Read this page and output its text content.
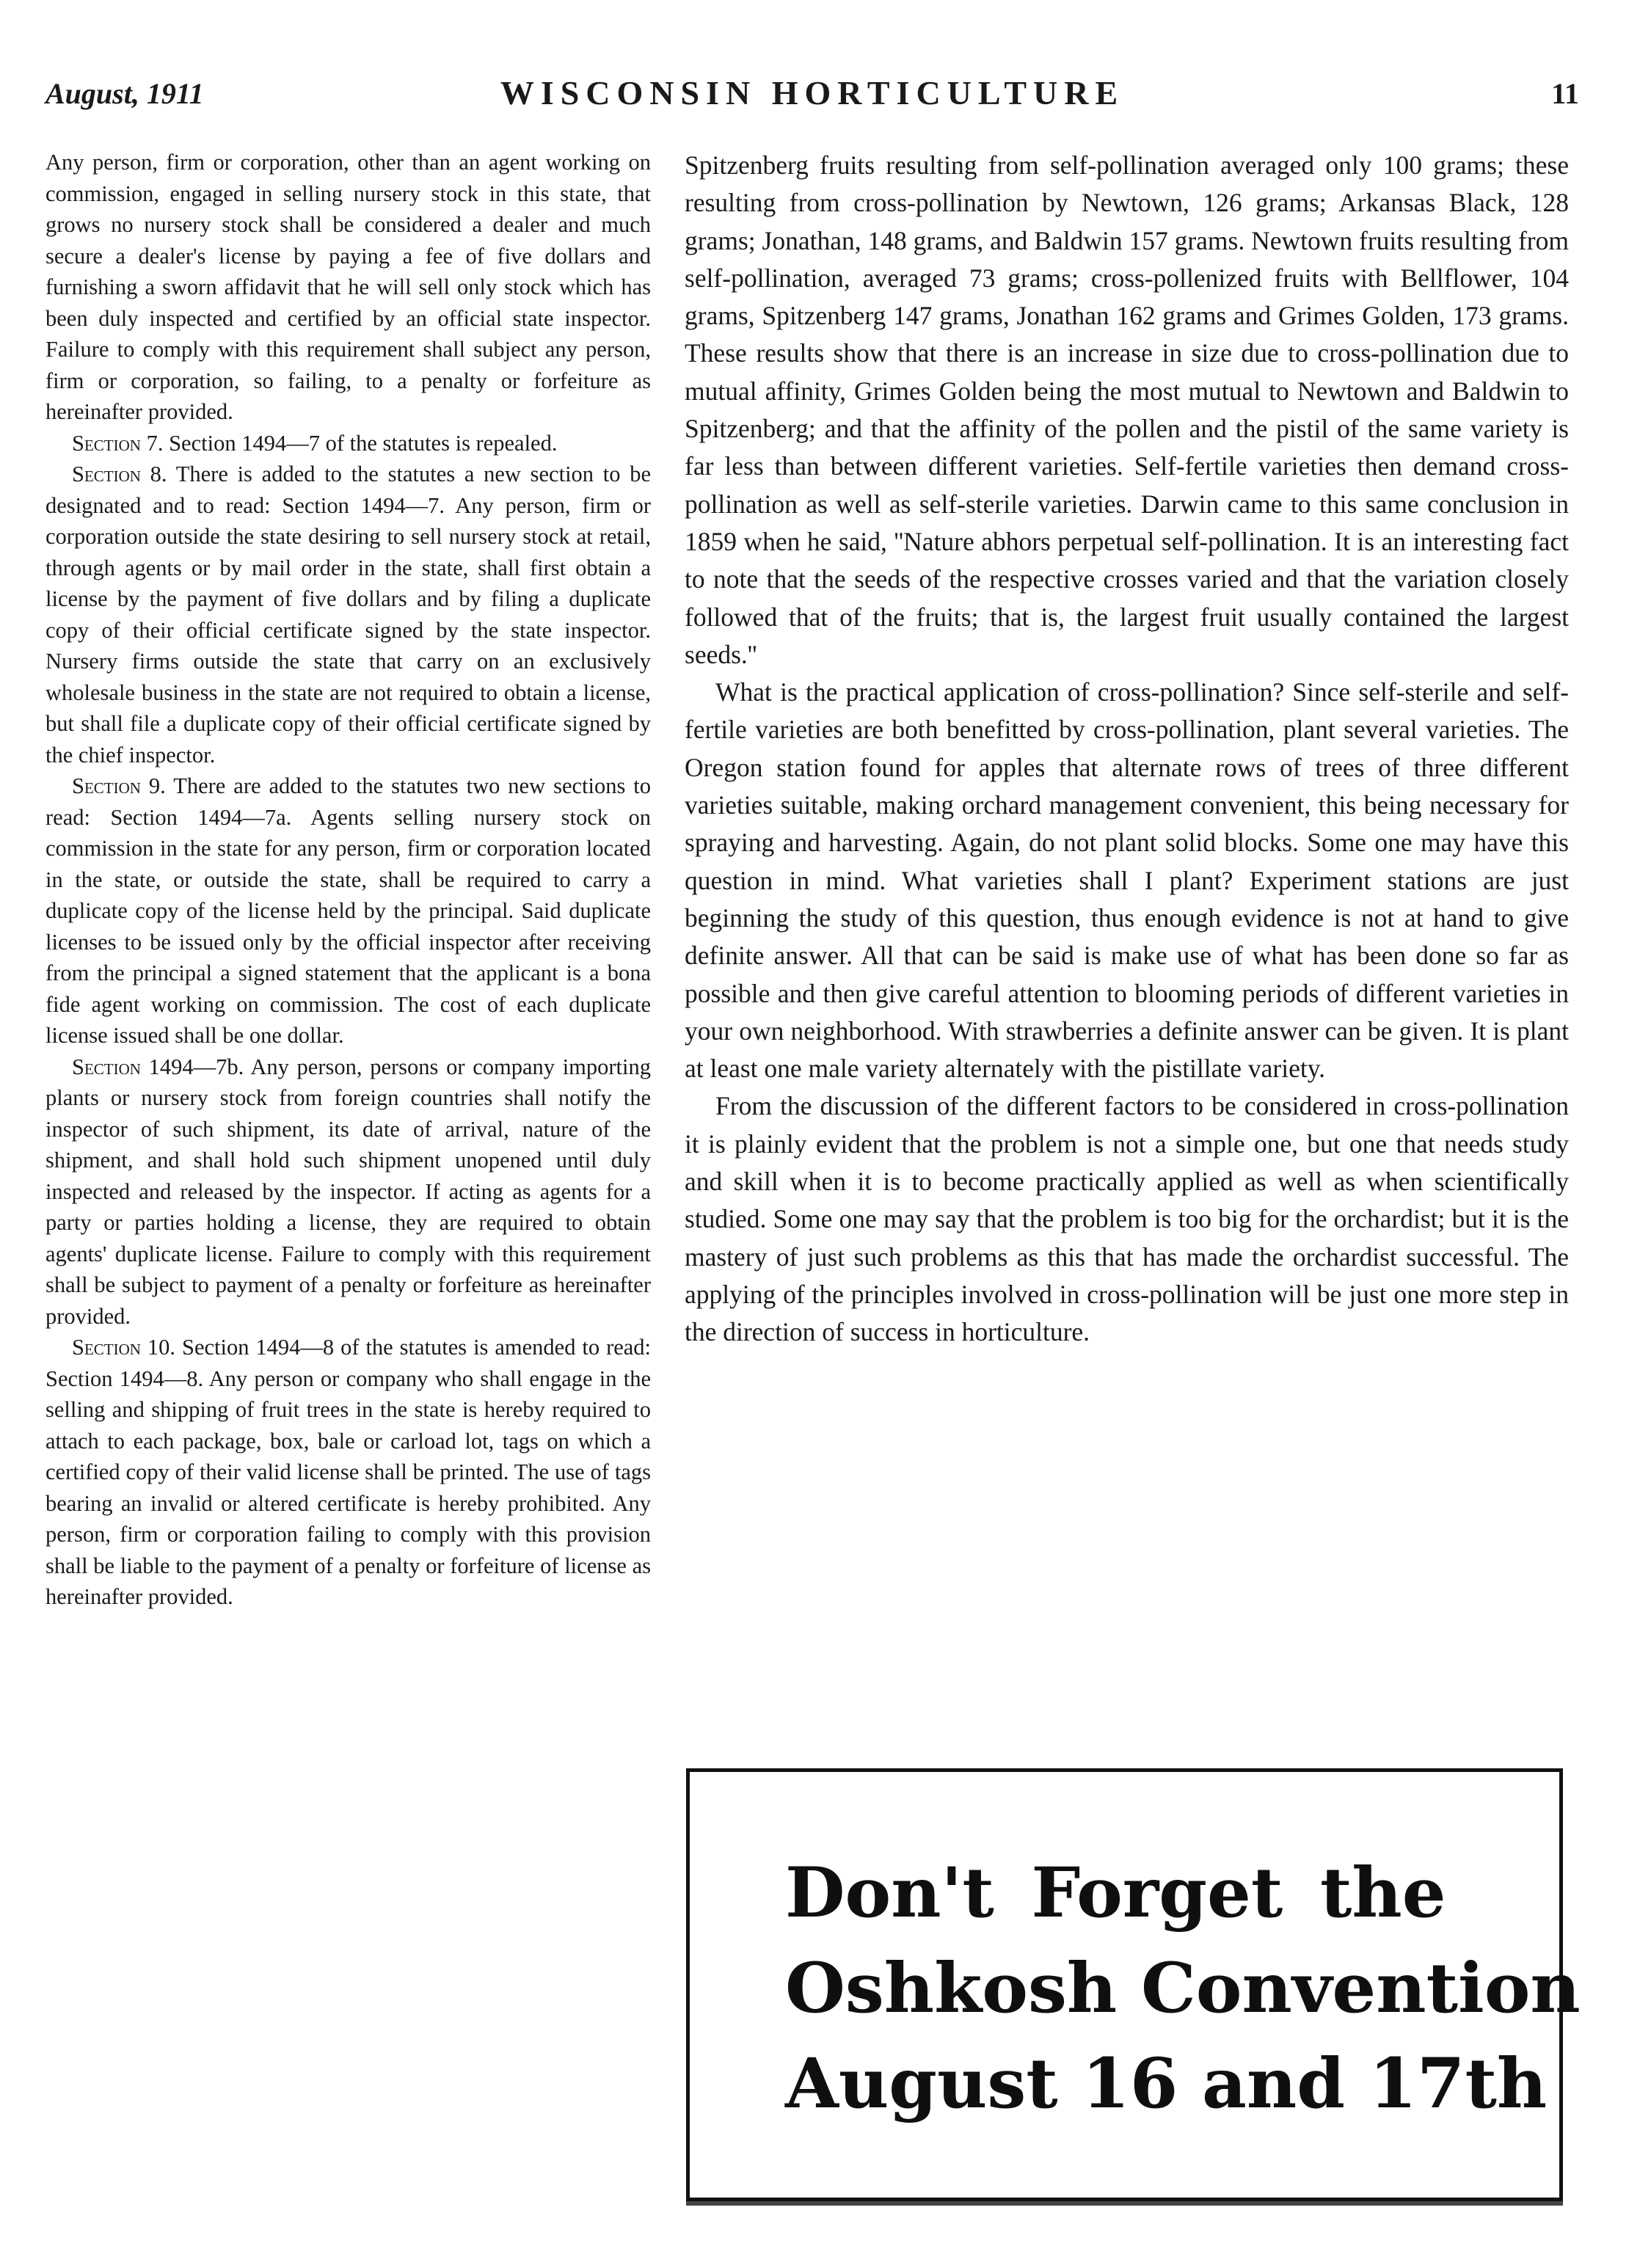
August, 1911	WISCONSIN HORTICULTURE	11

Any person, firm or corporation, other than an agent working on commission, engaged in selling nursery stock in this state, that grows no nursery stock shall be considered a dealer and much secure a dealer's license by paying a fee of five dollars and furnishing a sworn affidavit that he will sell only stock which has been duly inspected and certified by an official state inspector. Failure to comply with this requirement shall subject any person, firm or corporation, so failing, to a penalty or forfeiture as hereinafter provided.

Section 7. Section 1494—7 of the statutes is repealed.

Section 8. There is added to the statutes a new section to be designated and to read: Section 1494—7. Any person, firm or corporation outside the state desiring to sell nursery stock at retail, through agents or by mail order in the state, shall first obtain a license by the payment of five dollars and by filing a duplicate copy of their official certificate signed by the state inspector. Nursery firms outside the state that carry on an exclusively wholesale business in the state are not required to obtain a license, but shall file a duplicate copy of their official certificate signed by the chief inspector.

Section 9. There are added to the statutes two new sections to read: Section 1494—7a. Agents selling nursery stock on commission in the state for any person, firm or corporation located in the state, or outside the state, shall be required to carry a duplicate copy of the license held by the principal. Said duplicate licenses to be issued only by the official inspector after receiving from the principal a signed statement that the applicant is a bona fide agent working on commission. The cost of each duplicate license issued shall be one dollar.

Section 1494—7b. Any person, persons or company importing plants or nursery stock from foreign countries shall notify the inspector of such shipment, its date of arrival, nature of the shipment, and shall hold such shipment unopened until duly inspected and released by the inspector. If acting as agents for a party or parties holding a license, they are required to obtain agents' duplicate license. Failure to comply with this requirement shall be subject to payment of a penalty or forfeiture as hereinafter provided.

Section 10. Section 1494—8 of the statutes is amended to read: Section 1494—8. Any person or company who shall engage in the selling and shipping of fruit trees in the state is hereby required to attach to each package, box, bale or carload lot, tags on which a certified copy of their valid license shall be printed. The use of tags bearing an invalid or altered certificate is hereby prohibited. Any person, firm or corporation failing to comply with this provision shall be liable to the payment of a penalty or forfeiture of license as hereinafter provided.

Spitzenberg fruits resulting from self-pollination averaged only 100 grams; these resulting from cross-pollination by Newtown, 126 grams; Arkansas Black, 128 grams; Jonathan, 148 grams, and Baldwin 157 grams. Newtown fruits resulting from self-pollination, averaged 73 grams; cross-pollenized fruits with Bellflower, 104 grams, Spitzenberg 147 grams, Jonathan 162 grams and Grimes Golden, 173 grams. These results show that there is an increase in size due to cross-pollination due to mutual affinity, Grimes Golden being the most mutual to Newtown and Baldwin to Spitzenberg; and that the affinity of the pollen and the pistil of the same variety is far less than between different varieties. Self-fertile varieties then demand cross-pollination as well as self-sterile varieties. Darwin came to this same conclusion in 1859 when he said, ''Nature abhors perpetual self-pollination. It is an interesting fact to note that the seeds of the respective crosses varied and that the variation closely followed that of the fruits; that is, the largest fruit usually contained the largest seeds.''

What is the practical application of cross-pollination? Since self-sterile and self-fertile varieties are both benefitted by cross-pollination, plant several varieties. The Oregon station found for apples that alternate rows of trees of three different varieties suitable, making orchard management convenient, this being necessary for spraying and harvesting. Again, do not plant solid blocks. Some one may have this question in mind. What varieties shall I plant? Experiment stations are just beginning the study of this question, thus enough evidence is not at hand to give definite answer. All that can be said is make use of what has been done so far as possible and then give careful attention to blooming periods of different varieties in your own neighborhood. With strawberries a definite answer can be given. It is plant at least one male variety alternately with the pistillate variety.

From the discussion of the different factors to be considered in cross-pollination it is plainly evident that the problem is not a simple one, but one that needs study and skill when it is to become practically applied as well as when scientifically studied. Some one may say that the problem is too big for the orchardist; but it is the mastery of just such problems as this that has made the orchardist successful. The applying of the principles involved in cross-pollination will be just one more step in the direction of success in horticulture.

Don't Forget the
Oshkosh Convention
August 16 and 17th
